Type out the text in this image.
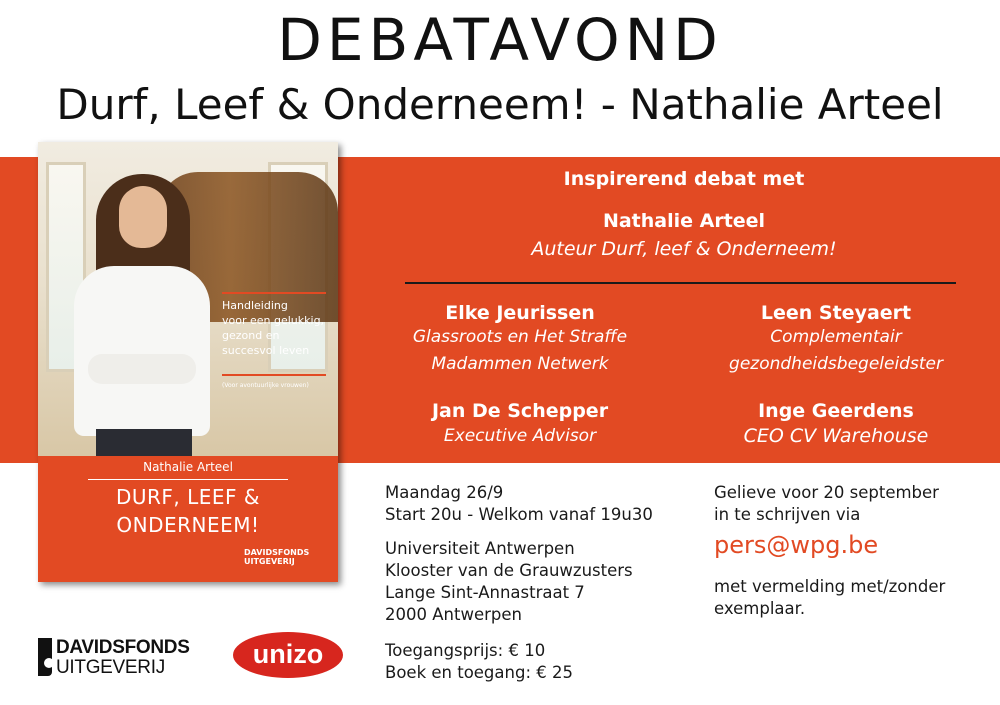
DEBATAVOND
Durf, Leef & Onderneem! - Nathalie Arteel
Handleiding
voor een gelukkig,
gezond en
succesvol leven
(Voor avontuurlijke vrouwen)
Nathalie Arteel
DURF, LEEF &
ONDERNEEM!
DAVIDSFONDS
UITGEVERIJ
Inspirerend debat met
Nathalie Arteel
Auteur Durf, leef & Onderneem!
Elke Jeurissen
Glassroots en Het Straffe
Madammen Netwerk
Leen Steyaert
Complementair
gezondheidsbegeleidster
Jan De Schepper
Executive Advisor
Inge Geerdens
CEO CV Warehouse
Maandag 26/9
Start 20u - Welkom vanaf 19u30
Universiteit Antwerpen
Klooster van de Grauwzusters
Lange Sint-Annastraat 7
2000 Antwerpen
Toegangsprijs: € 10
Boek en toegang: € 25
Gelieve voor 20 september
in te schrijven via
pers@wpg.be
met vermelding met/zonder
exemplaar.
DAVIDSFONDS
UITGEVERIJ	unizo
